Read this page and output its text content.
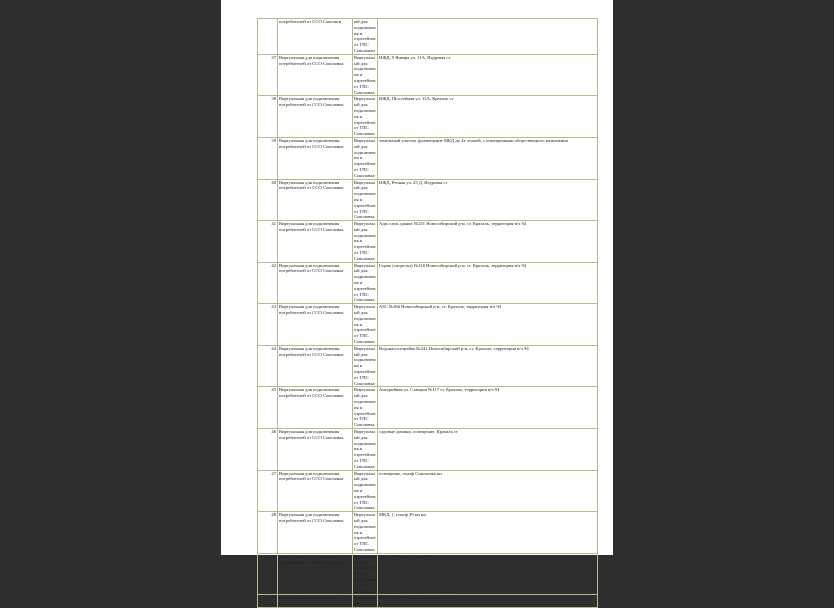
	потребителей от ССО Сокологн	ый для подключения и отрегейтов от ТПС Соколован	
37	Виртуальная для подключения потребителей от ССО Соколовка	Виртуальный для подключения и отрегейтов от ТПС Соколовка	ИЖД, 9 Января ул. 11А, Издревая ст
38	Виртуальная для подключения потребителей от ССО Соколовка	Виртуальный для подключения и отрегейтов от ТПС Соколовка	ИЖД, Шоссейная ул. 15А, Крахаль ст
39	Виртуальная для подключения потребителей от ССО Соколовка	Виртуальный для подключения и отрегейтов от ТПС Соколовка	земельный участок (размещение МКД до 4х этажей, с помещениями общественного назначения
40	Виртуальная для подключения потребителей от ССО Соколовка	Виртуальный для подключения и отрегейтов от ТПС Соколовка	ИЖД, Речная ул. 25 Д, Издревая ст
41	Виртуальная для подключения потребителей от ССО Соколовка	Виртуальный для подключения и отрегейтов от ТПС Соколовка	Адм.служ.здание №251 Новосибирский р-н, ст. Крахаль, территория в/ч 94
42	Виртуальная для подключения потребителей от ССО Соколовка	Виртуальный для подключения и отрегейтов от ТПС Соколовка	Гараж (спортзал) №216 Новосибирский р-н, ст. Крахаль, территория в/ч 94
43	Виртуальная для подключения потребителей от ССО Соколовка	Виртуальный для подключения и отрегейтов от ТПС Соколовка	АЗС №266 Новосибирский р-н, ст. Крахаль, территория в/ч 94
44	Виртуальная для подключения потребителей от ССО Соколовка	Виртуальный для подключения и отрегейтов от ТПС Соколовка	Водонасосотрейка №242 Новосибирский р-н, ст. Крахаль, территория в/ч 94
45	Виртуальная для подключения потребителей от ССО Соколовка	Виртуальный для подключения и отрегейтов от ТПС Соколовка	Ангарийная эл. Станция №117 ст. Крахаль, территория в/ч 94
46	Виртуальная для подключения потребителей от ССО Соколовка	Виртуальный для подключения и отрегейтов от ТПС Соколовка	садовые домики, освещение, Крахаль ст
47	Виртуальная для подключения потребителей от ССО Соколовка	Виртуальный для подключения и отрегейтов от ТПС Соколовка	освещение, платф Соколовка нп
48	Виртуальная для подключения потребителей от ССО Соколовка	Виртуальный для подключения и отрегейтов от ТПС Соколовка	МКД, 1, платф 39 км нп
49	Виртуальная для подключения потребителей от ССО Соколовка	Виртуальный для подключения и отрегейтов от ТПС Соколовка	ИЖД, 3 Казарма, платф 39 км нп
50	Виртуальная для подключения	Виртуальный	ИЖД, КАЗАРМА(№), платф 39 км нп
